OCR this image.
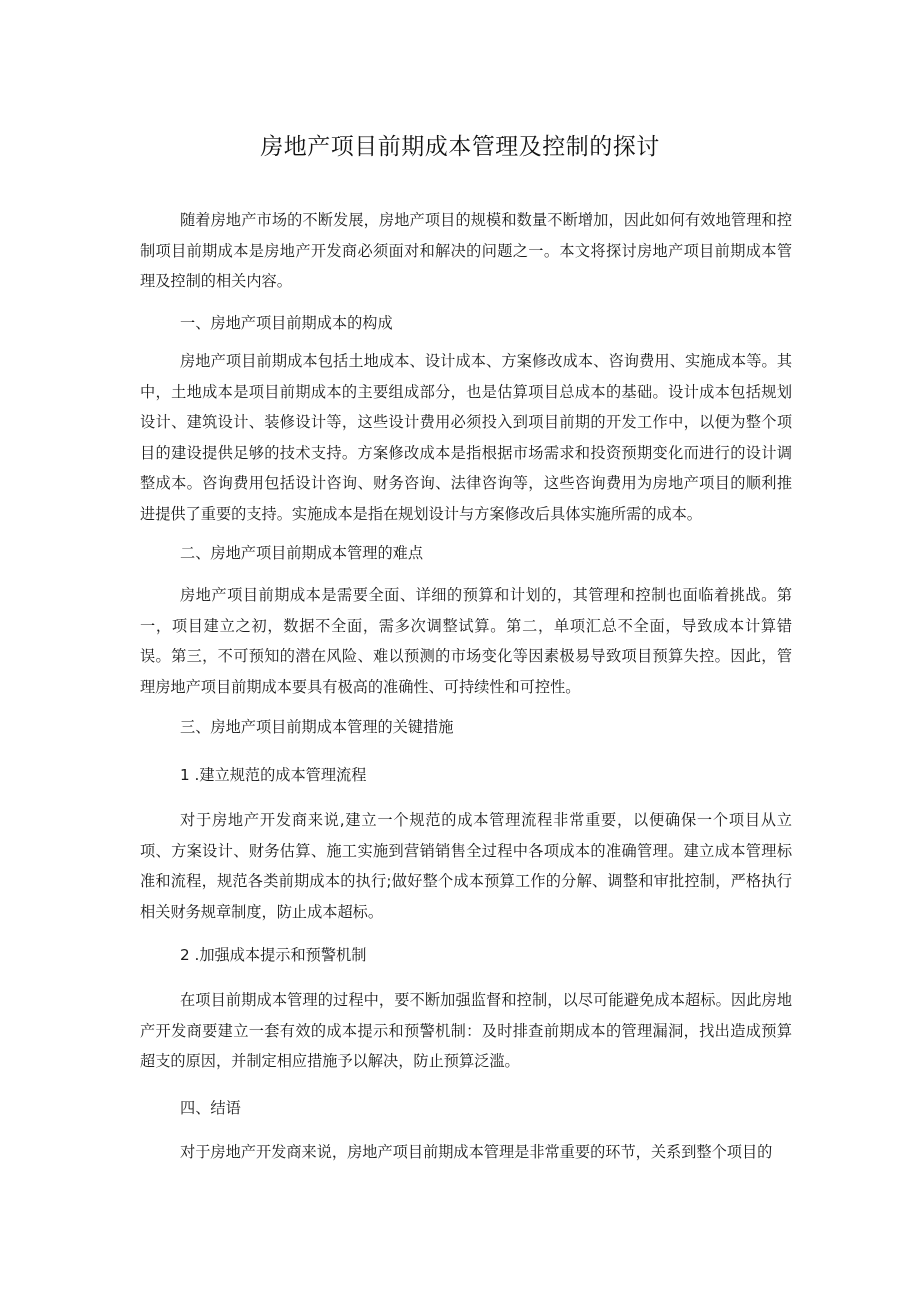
房地产项目前期成本管理及控制的探讨
随着房地产市场的不断发展，房地产项目的规模和数量不断增加，因此如何有效地管理和控制项目前期成本是房地产开发商必须面对和解决的问题之一。本文将探讨房地产项目前期成本管理及控制的相关内容。
一、房地产项目前期成本的构成
房地产项目前期成本包括土地成本、设计成本、方案修改成本、咨询费用、实施成本等。其中，土地成本是项目前期成本的主要组成部分，也是估算项目总成本的基础。设计成本包括规划设计、建筑设计、装修设计等，这些设计费用必须投入到项目前期的开发工作中，以便为整个项目的建设提供足够的技术支持。方案修改成本是指根据市场需求和投资预期变化而进行的设计调整成本。咨询费用包括设计咨询、财务咨询、法律咨询等，这些咨询费用为房地产项目的顺利推进提供了重要的支持。实施成本是指在规划设计与方案修改后具体实施所需的成本。
二、房地产项目前期成本管理的难点
房地产项目前期成本是需要全面、详细的预算和计划的，其管理和控制也面临着挑战。第一，项目建立之初，数据不全面，需多次调整试算。第二，单项汇总不全面，导致成本计算错误。第三，不可预知的潜在风险、难以预测的市场变化等因素极易导致项目预算失控。因此，管理房地产项目前期成本要具有极高的准确性、可持续性和可控性。
三、房地产项目前期成本管理的关键措施
1 .建立规范的成本管理流程
对于房地产开发商来说,建立一个规范的成本管理流程非常重要，以便确保一个项目从立项、方案设计、财务估算、施工实施到营销销售全过程中各项成本的准确管理。建立成本管理标准和流程，规范各类前期成本的执行;做好整个成本预算工作的分解、调整和审批控制，严格执行相关财务规章制度，防止成本超标。
2 .加强成本提示和预警机制
在项目前期成本管理的过程中，要不断加强监督和控制，以尽可能避免成本超标。因此房地产开发商要建立一套有效的成本提示和预警机制：及时排查前期成本的管理漏洞，找出造成预算超支的原因，并制定相应措施予以解决，防止预算泛滥。
四、结语
对于房地产开发商来说，房地产项目前期成本管理是非常重要的环节，关系到整个项目的
